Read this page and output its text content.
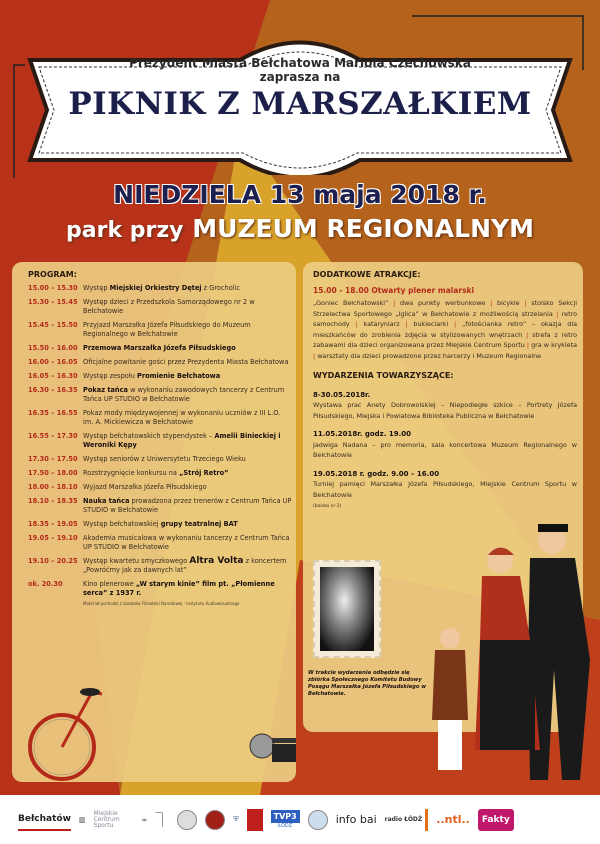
Prezydent Miasta Bełchatowa Mariola Czechowska
zaprasza na
PIKNIK Z MARSZAŁKIEM
NIEDZIELA 13 maja 2018 r.
park przy MUZEUM REGIONALNYM
PROGRAM:
15.00 – 15.30 Występ Miejskiej Orkiestry Dętej z Grocholic
15.30 – 15.45 Występ dzieci z Przedszkola Samorządowego nr 2 w Bełchatowie
15.45 – 15.50 Przyjazd Marszałka Józefa Piłsudskiego do Muzeum Regionalnego w Bełchatowie
15.50 – 16.00 Przemowa Marszałka Józefa Piłsudskiego
16.00 – 16.05 Oficjalne powitanie gości przez Prezydenta Miasta Bełchatowa
16.05 – 16.30 Występ zespołu Promienie Bełchatowa
16.30 – 16.35 Pokaz tańca w wykonaniu zawodowych tancerzy z Centrum Tańca UP STUDIO w Bełchatowie
16.35 – 16.55 Pokaz mody międzywojennej w wykonaniu uczniów z III L.O. im. A. Mickiewicza w Bełchatowie
16.55 – 17.30 Występ bełchatowskich stypendystek – Amelii Binieckiej i Weroniki Kępy
17.30 – 17.50 Występ seniorów z Uniwersytetu Trzeciego Wieku
17.50 – 18.00 Rozstrzygnięcie konkursu na „Strój Retro”
18.00 – 18.10 Wyjazd Marszałka Józefa Piłsudskiego
18.10 – 18.35 Nauka tańca prowadzona przez trenerów z Centrum Tańca UP STUDIO w Bełchatowie
18.35 – 19.05 Występ bełchatowskiej grupy teatralnej BAT
19.05 – 19.10 Akademia musicalowa w wykonaniu tancerzy z Centrum Tańca UP STUDIO w Bełchatowie
19.10 – 20.25 Występ kwartetu smyczkowego Altra Volta z koncertem „Powróćmy jak za dawnych lat”
ok. 20.30	Kino plenerowe „W starym kinie” film pt. „Płomienne serca” z 1937 r.
Materiał pochodzi z zasobów Filmoteki Narodowej - Instytutu Audiowizualnego
DODATKOWE ATRAKCJE:
15.00 - 18.00 Otwarty plener malarski
„Goniec Bełchatowski” | dwa punkty werbunkowe | bicykle | stoisko Sekcji Strzelectwa Sportowego „Iglica” w Bełchatowie z możliwością strzelania | retro samochody | kataryniarz | bukieciarki | „fotościanka retro” – okazja dla mieszkańców do zrobienia zdjęcia w stylizowanych wnętrzach | strefa z retro zabawami dla dzieci organizowana przez Miejskie Centrum Sportu | gra w krykieta | warsztaty dla dzieci prowadzone przez harcerzy i Muzeum Regionalne
WYDARZENIA TOWARZYSZĄCE:
8-30.05.2018r.
Wystawa prac Anety Dobrowolskiej – Niepodległe szkice – Portrety Józefa Piłsudskiego, Miejska i Powiatowa Biblioteka Publiczna w Bełchatowie
11.05.2018r. godz. 19.00
Jadwiga Nadana – pro memoria, sala koncertowa Muzeum Regionalnego w Bełchatowie
19.05.2018 r. godz. 9.00 – 16.00
Turniej pamięci Marszałka Józefa Piłsudskiego, Miejskie Centrum Sportu w Bełchatowie
(boisko nr 2)
W trakcie wydarzenia odbędzie się zbiórka Społecznego Komitetu Budowy Posągu Marszałka Józefa Piłsudskiego w Bełchatowie.
Bełchatów ▥
Miejskie Centrum Sportu
∞ ⏋	⛨	TVP3
ŁÓDŹ	info bai radio ŁÓDŹ	..ntl..	Fakty
